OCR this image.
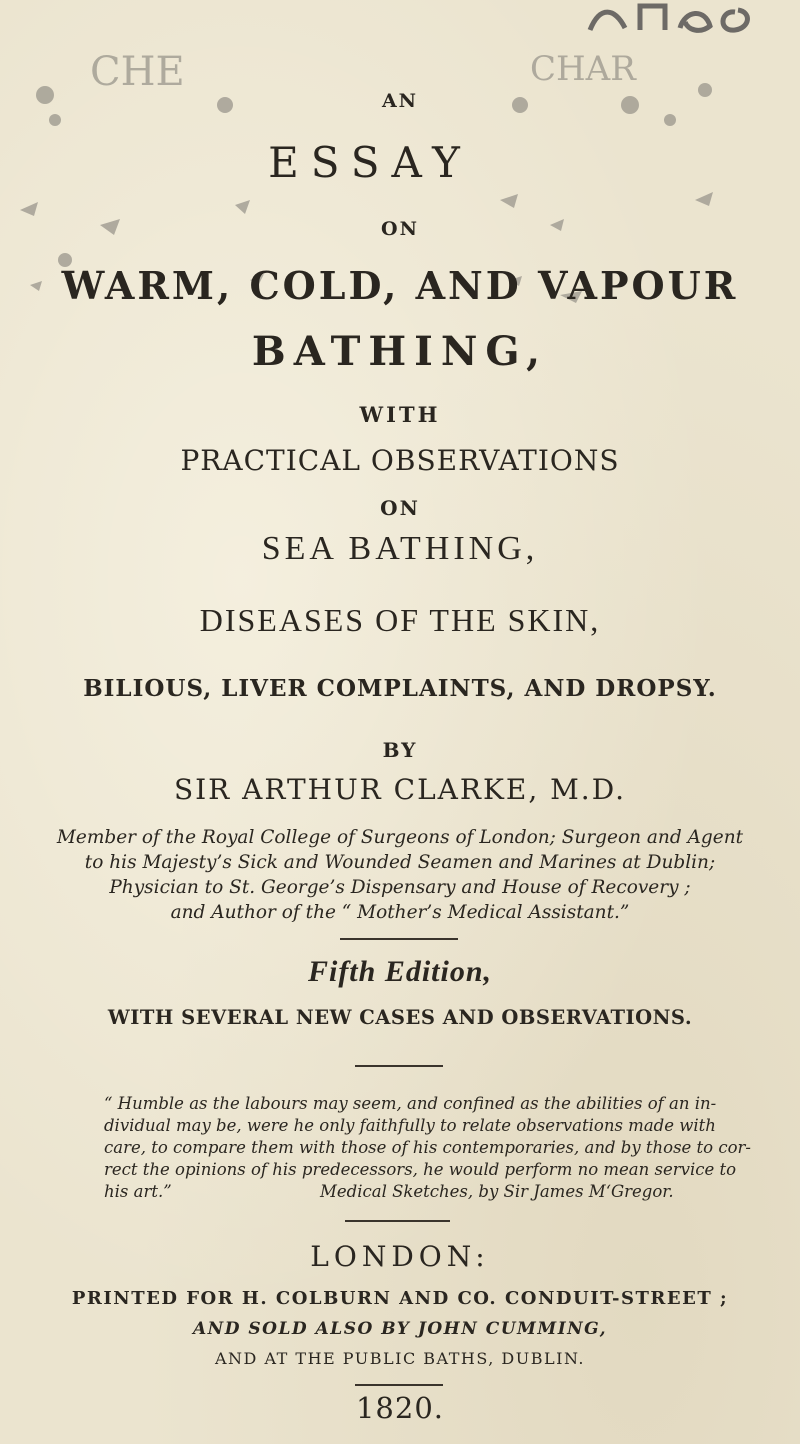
CHE	CHAR
AN
ESSAY
ON
WARM, COLD, AND VAPOUR
BATHING,
WITH
PRACTICAL OBSERVATIONS
ON
SEA BATHING,
DISEASES OF THE SKIN,
BILIOUS, LIVER COMPLAINTS, AND DROPSY.
BY
SIR ARTHUR CLARKE, M.D.
Member of the Royal College of Surgeons of London; Surgeon and Agent
to his Majesty’s Sick and Wounded Seamen and Marines at Dublin;
Physician to St. George’s Dispensary and House of Recovery ;
and Author of the “ Mother’s Medical Assistant.”
Fifth Edition,
WITH SEVERAL NEW CASES AND OBSERVATIONS.
“ Humble as the labours may seem, and confined as the abilities of an in-
dividual may be, were he only faithfully to relate observations made with
care, to compare them with those of his contemporaries, and by those to cor-
rect the opinions of his predecessors, he would perform no mean service to
his art.”	Medical Sketches, by Sir James M‘Gregor.
LONDON:
PRINTED FOR H. COLBURN AND CO. CONDUIT-STREET ;
AND SOLD ALSO BY JOHN CUMMING,
AND AT THE PUBLIC BATHS, DUBLIN.
1820.
